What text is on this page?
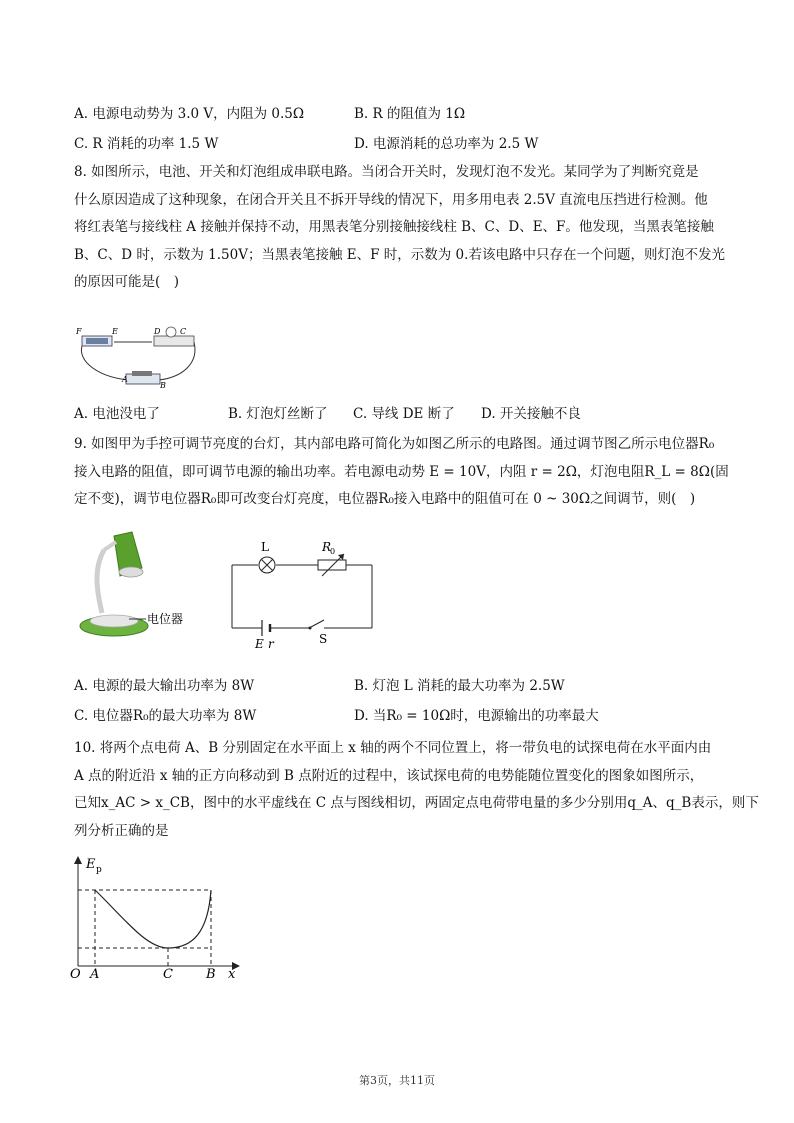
A. 电源电动势为 3.0 V，内阻为 0.5Ω	B. R 的阻值为 1Ω
C. R 消耗的功率 1.5 W	D. 电源消耗的总功率为 2.5 W
8. 如图所示，电池、开关和灯泡组成串联电路。当闭合开关时，发现灯泡不发光。某同学为了判断究竟是
什么原因造成了这种现象，在闭合开关且不拆开导线的情况下，用多用电表 2.5V 直流电压挡进行检测。他
将红表笔与接线柱 A 接触并保持不动，用黑表笔分别接触接线柱 B、C、D、E、F。他发现，当黑表笔接触
B、C、D 时，示数为 1.50V；当黑表笔接触 E、F 时，示数为 0.若该电路中只存在一个问题，则灯泡不发光
的原因可能是(　)
F	E	D C
A
B
A. 电池没电了	B. 灯泡灯丝断了 C. 导线 DE 断了 D. 开关接触不良
9. 如图甲为手控可调节亮度的台灯，其内部电路可简化为如图乙所示的电路图。通过调节图乙所示电位器R₀
接入电路的阻值，即可调节电源的输出功率。若电源电动势 E = 10V，内阻 r = 2Ω，灯泡电阻R_L = 8Ω(固
定不变)，调节电位器R₀即可改变台灯亮度，电位器R₀接入电路中的阻值可在 0 ~ 30Ω之间调节，则(　)
电位器
L	R
0
E r	S
A. 电源的最大输出功率为 8W	B. 灯泡 L 消耗的最大功率为 2.5W
C. 电位器R₀的最大功率为 8W	D. 当R₀ = 10Ω时，电源输出的功率最大
10. 将两个点电荷 A、B 分别固定在水平面上 x 轴的两个不同位置上，将一带负电的试探电荷在水平面内由
A 点的附近沿 x 轴的正方向移动到 B 点附近的过程中，该试探电荷的电势能随位置变化的图象如图所示，
已知x_AC > x_CB，图中的水平虚线在 C 点与图线相切，两固定点电荷带电量的多少分别用q_A、q_B表示，则下
列分析正确的是
E p
O A	C	B x
第3页，共11页
